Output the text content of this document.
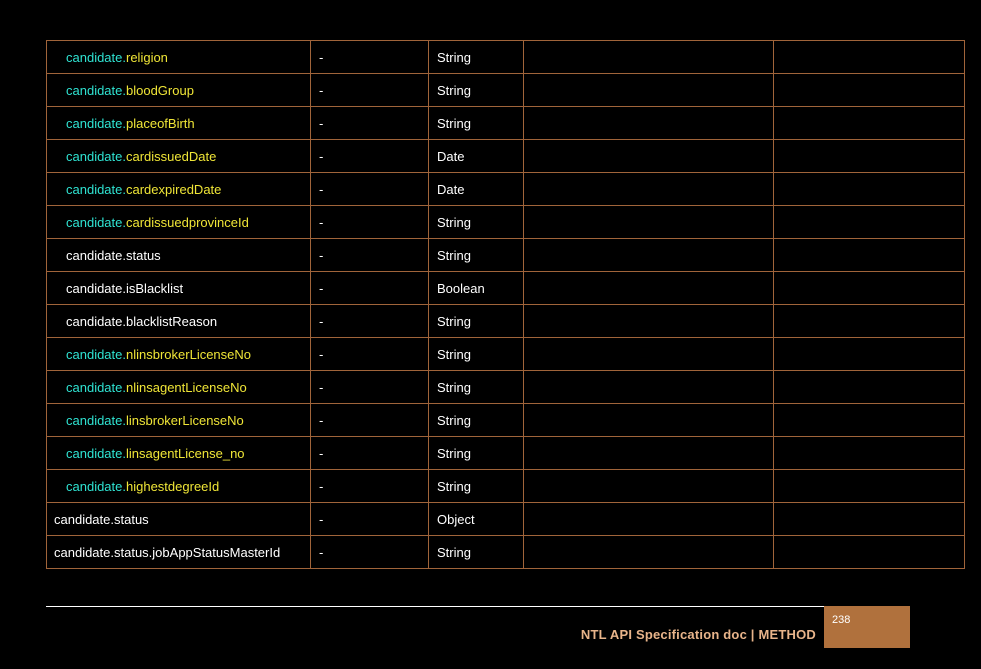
candidate.religion	-	String		
candidate.bloodGroup	-	String		
candidate.placeofBirth	-	String		
candidate.cardissuedDate	-	Date		
candidate.cardexpiredDate	-	Date		
candidate.cardissuedprovinceId	-	String		
candidate.status	-	String		
candidate.isBlacklist	-	Boolean		
candidate.blacklistReason	-	String		
candidate.nlinsbrokerLicenseNo	-	String		
candidate.nlinsagentLicenseNo	-	String		
candidate.linsbrokerLicenseNo	-	String		
candidate.linsagentLicense_no	-	String		
candidate.highestdegreeId	-	String		
candidate.status	-	Object		
candidate.status.jobAppStatusMasterId	-	String		
NTL API Specification doc | METHOD
238
